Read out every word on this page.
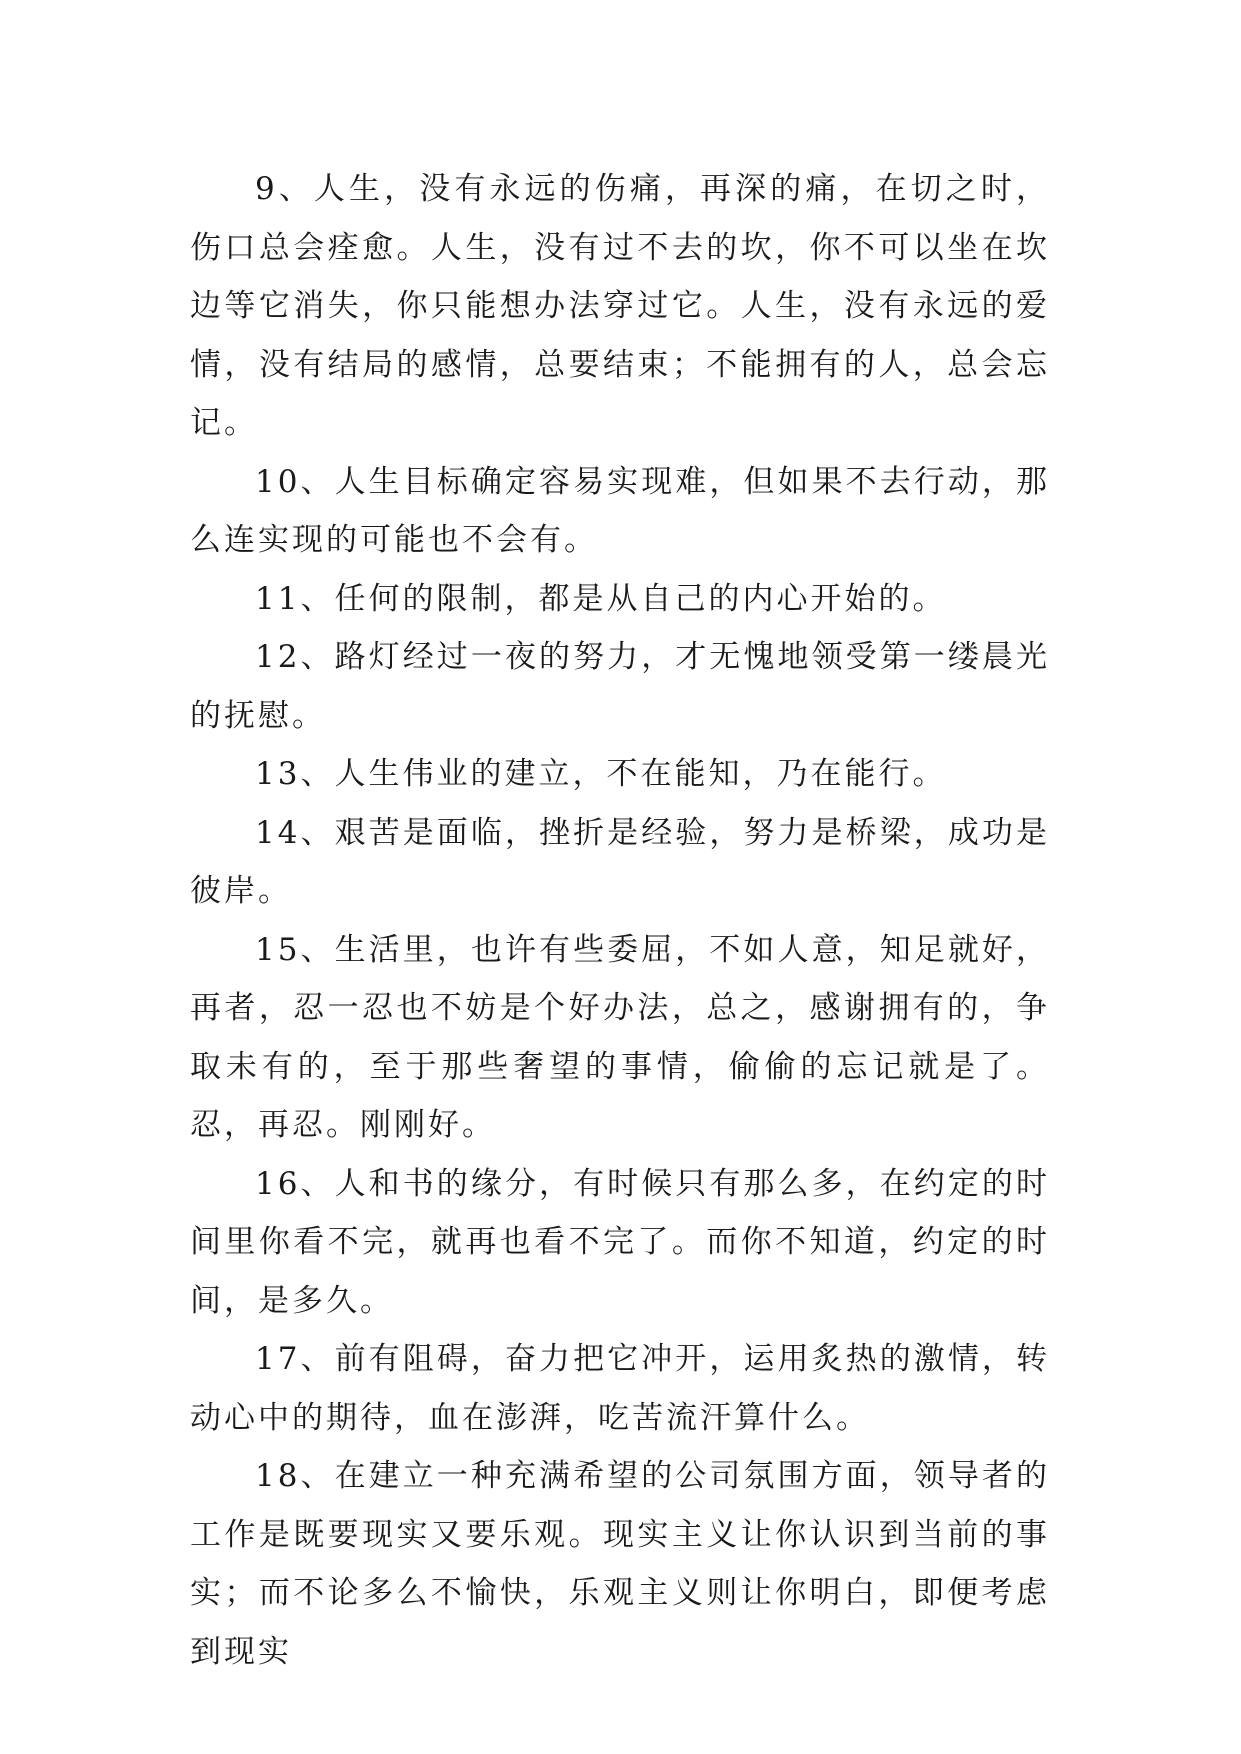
9、人生，没有永远的伤痛，再深的痛，在切之时，伤口总会痊愈。人生，没有过不去的坎，你不可以坐在坎边等它消失，你只能想办法穿过它。人生，没有永远的爱情，没有结局的感情，总要结束；不能拥有的人，总会忘记。

10、人生目标确定容易实现难，但如果不去行动，那么连实现的可能也不会有。

11、任何的限制，都是从自己的内心开始的。

12、路灯经过一夜的努力，才无愧地领受第一缕晨光的抚慰。

13、人生伟业的建立，不在能知，乃在能行。

14、艰苦是面临，挫折是经验，努力是桥梁，成功是彼岸。

15、生活里，也许有些委屈，不如人意，知足就好，再者，忍一忍也不妨是个好办法，总之，感谢拥有的，争取未有的，至于那些奢望的事情，偷偷的忘记就是了。忍，再忍。刚刚好。

16、人和书的缘分，有时候只有那么多，在约定的时间里你看不完，就再也看不完了。而你不知道，约定的时间，是多久。

17、前有阻碍，奋力把它冲开，运用炙热的激情，转动心中的期待，血在澎湃，吃苦流汗算什么。

18、在建立一种充满希望的公司氛围方面，领导者的工作是既要现实又要乐观。现实主义让你认识到当前的事实；而不论多么不愉快，乐观主义则让你明白，即便考虑到现实
